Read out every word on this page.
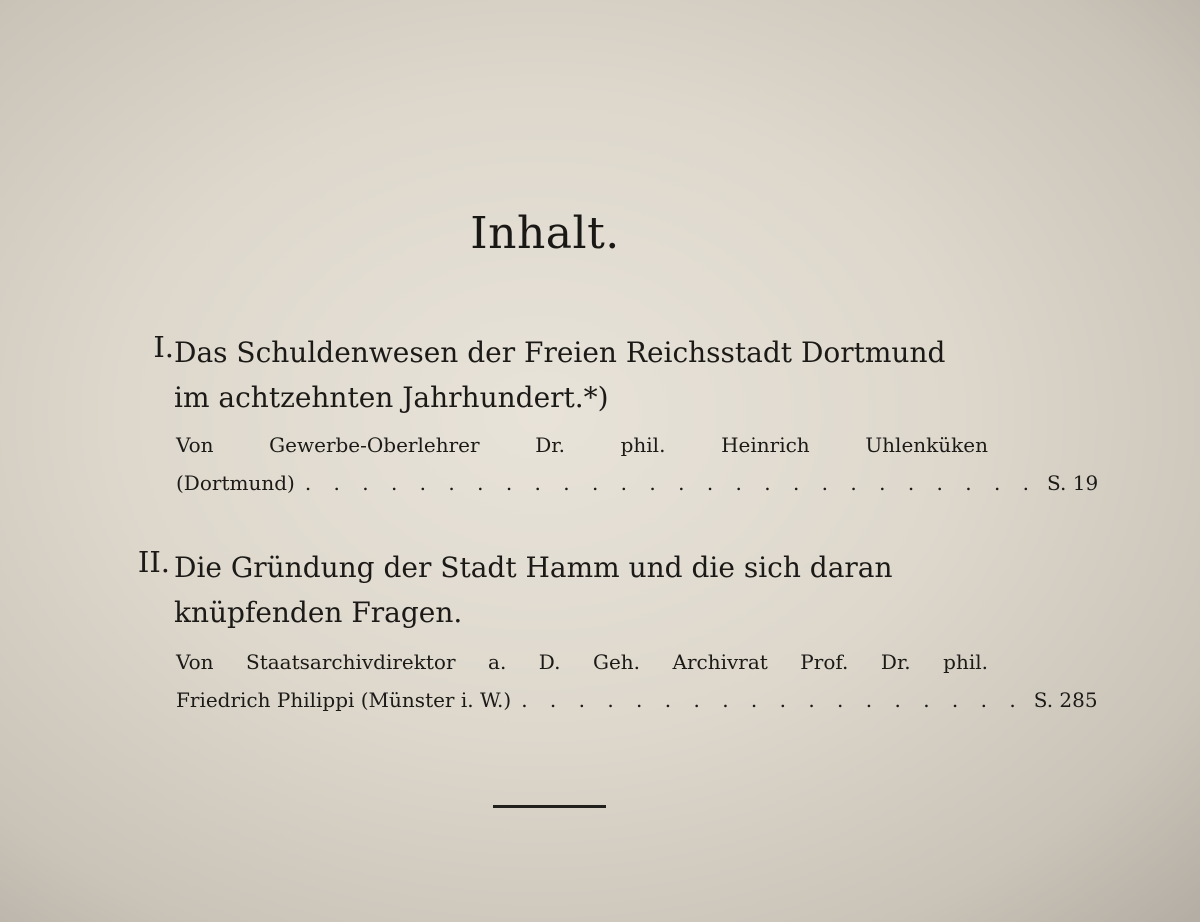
Inhalt.
I. Das Schuldenwesen der Freien Reichsstadt Dortmund
im achtzehnten Jahrhundert.*)
Von Gewerbe-Oberlehrer Dr. phil. Heinrich Uhlenküken
(Dortmund) . . . . . . . . . . . . . . . . . . . . . . . . . . S. 19
II. Die Gründung der Stadt Hamm und die sich daran
knüpfenden Fragen.
Von Staatsarchivdirektor a. D. Geh. Archivrat Prof. Dr. phil.
Friedrich Philippi (Münster i. W.) . . . . . . . . . . . . . . . . . . S. 285
